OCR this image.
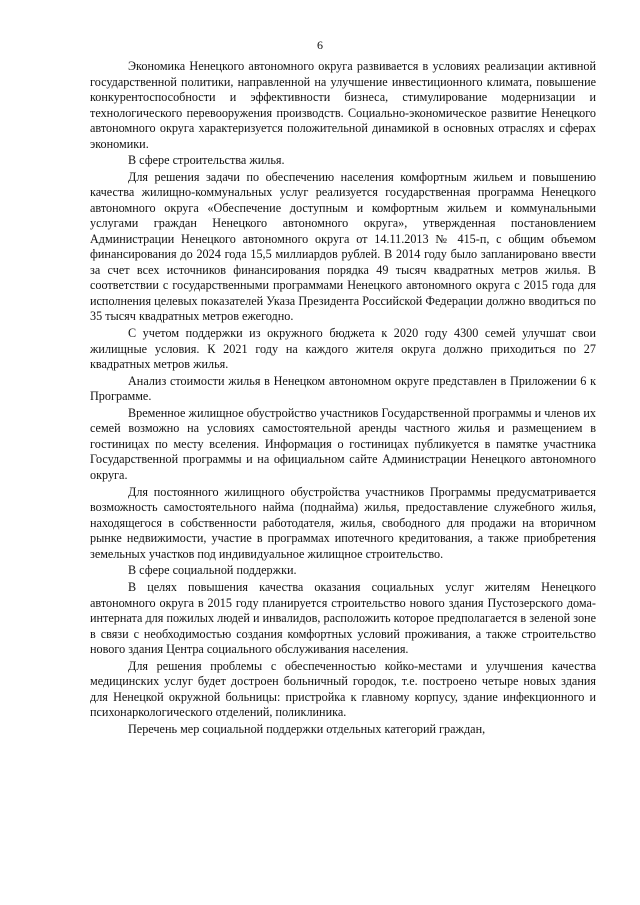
6

Экономика Ненецкого автономного округа развивается в условиях реализации активной государственной политики, направленной на улучшение инвестиционного климата, повышение конкурентоспособности и эффективности бизнеса, стимулирование модернизации и технологического перевооружения производств. Социально-экономическое развитие Ненецкого автономного округа характеризуется положительной динамикой в основных отраслях и сферах экономики.

В сфере строительства жилья.

Для решения задачи по обеспечению населения комфортным жильем и повышению качества жилищно-коммунальных услуг реализуется государственная программа Ненецкого автономного округа «Обеспечение доступным и комфортным жильем и коммунальными услугами граждан Ненецкого автономного округа», утвержденная постановлением Администрации Ненецкого автономного округа от 14.11.2013 № 415-п, с общим объемом финансирования до 2024 года 15,5 миллиардов рублей. В 2014 году было запланировано ввести за счет всех источников финансирования порядка 49 тысяч квадратных метров жилья. В соответствии с государственными программами Ненецкого автономного округа с 2015 года для исполнения целевых показателей Указа Президента Российской Федерации должно вводиться по 35 тысяч квадратных метров ежегодно.

С учетом поддержки из окружного бюджета к 2020 году 4300 семей улучшат свои жилищные условия. К 2021 году на каждого жителя округа должно приходиться по 27 квадратных метров жилья.

Анализ стоимости жилья в Ненецком автономном округе представлен в Приложении 6 к Программе.

Временное жилищное обустройство участников Государственной программы и членов их семей возможно на условиях самостоятельной аренды частного жилья и размещением в гостиницах по месту вселения. Информация о гостиницах публикуется в памятке участника Государственной программы и на официальном сайте Администрации Ненецкого автономного округа.

Для постоянного жилищного обустройства участников Программы предусматривается возможность самостоятельного найма (поднайма) жилья, предоставление служебного жилья, находящегося в собственности работодателя, жилья, свободного для продажи на вторичном рынке недвижимости, участие в программах ипотечного кредитования, а также приобретения земельных участков под индивидуальное жилищное строительство.

В сфере социальной поддержки.

В целях повышения качества оказания социальных услуг жителям Ненецкого автономного округа в 2015 году планируется строительство нового здания Пустозерского дома-интерната для пожилых людей и инвалидов, расположить которое предполагается в зеленой зоне в связи с необходимостью создания комфортных условий проживания, а также строительство нового здания Центра социального обслуживания населения.

Для решения проблемы с обеспеченностью койко-местами и улучшения качества медицинских услуг будет достроен больничный городок, т.е. построено четыре новых здания для Ненецкой окружной больницы: пристройка к главному корпусу, здание инфекционного и психонаркологического отделений, поликлиника.

Перечень мер социальной поддержки отдельных категорий граждан,
